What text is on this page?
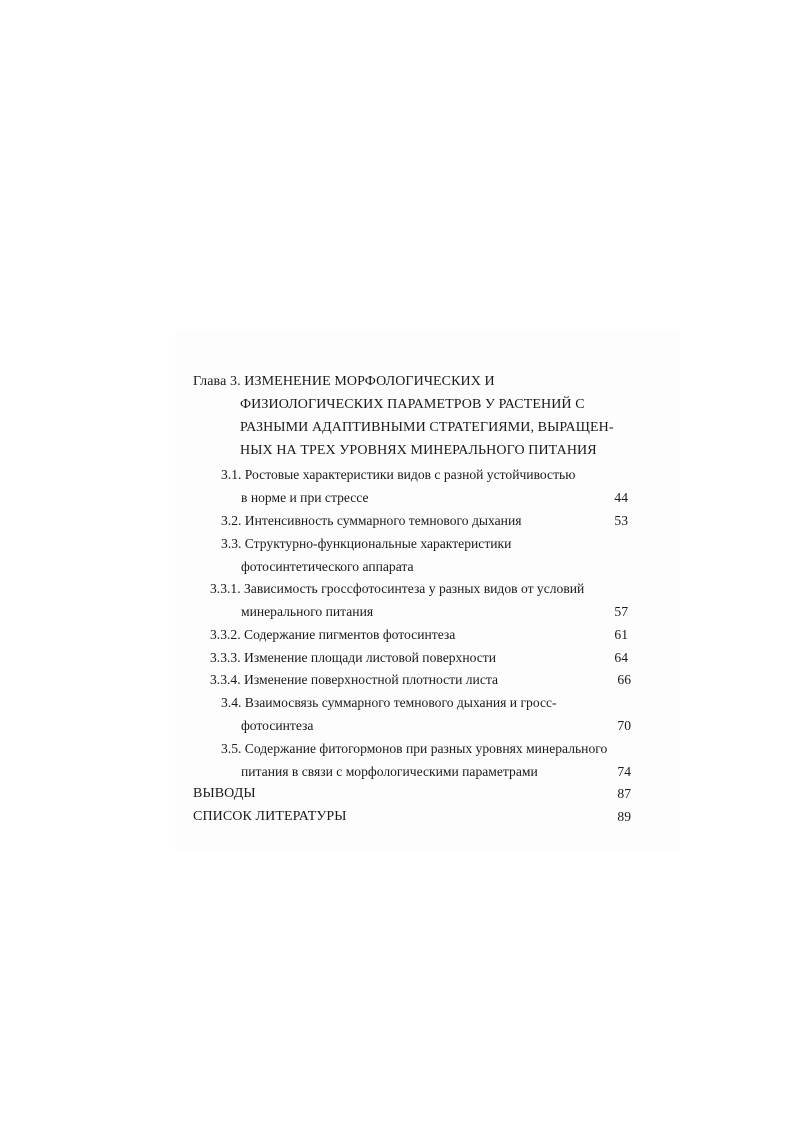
Глава 3. ИЗМЕНЕНИЕ МОРФОЛОГИЧЕСКИХ И
ФИЗИОЛОГИЧЕСКИХ ПАРАМЕТРОВ У РАСТЕНИЙ С
РАЗНЫМИ АДАПТИВНЫМИ СТРАТЕГИЯМИ, ВЫРАЩЕН-
НЫХ НА ТРЕХ УРОВНЯХ МИНЕРАЛЬНОГО ПИТАНИЯ
3.1. Ростовые характеристики видов с разной устойчивостью
в норме и при стрессе	44
3.2. Интенсивность суммарного темнового дыхания	53
3.3. Структурно-функциональные характеристики
фотосинтетического аппарата
3.3.1. Зависимость гроссфотосинтеза у разных видов от условий
минерального питания	57
3.3.2. Содержание пигментов фотосинтеза	61
3.3.3. Изменение площади листовой поверхности	64
3.3.4. Изменение поверхностной плотности листа	66
3.4. Взаимосвязь суммарного темнового дыхания и гросс-
фотосинтеза	70
3.5. Содержание фитогормонов при разных уровнях минерального
питания в связи с морфологическими параметрами	74
ВЫВОДЫ	87
СПИСОК ЛИТЕРАТУРЫ	89
